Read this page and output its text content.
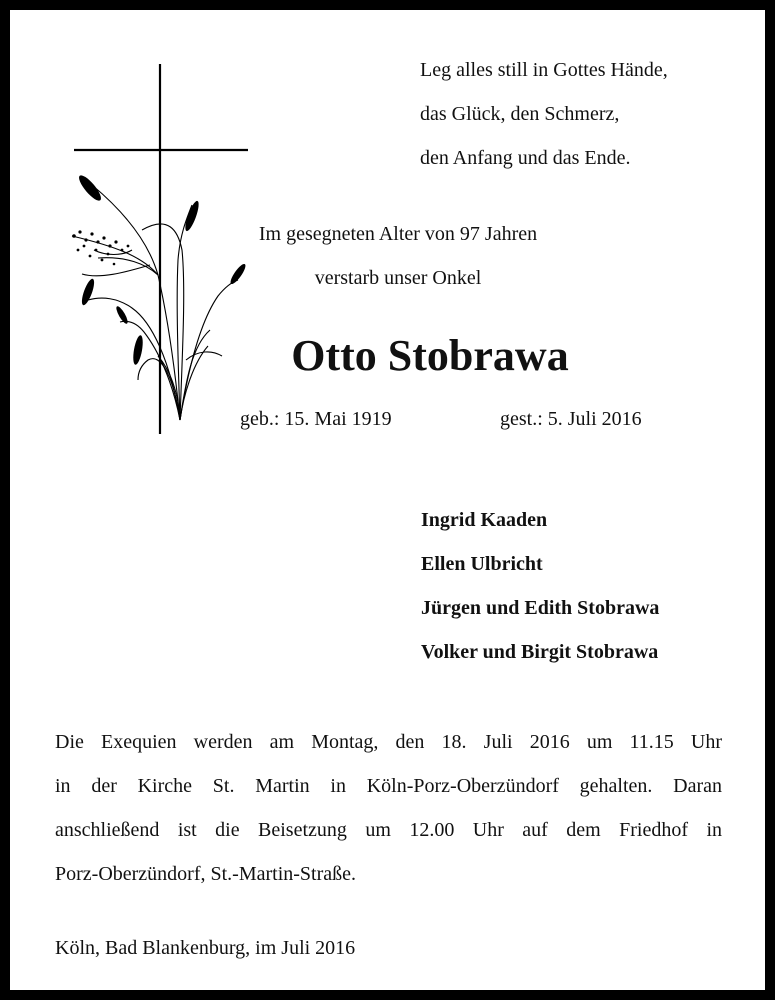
Leg alles still in Gottes Hände,
das Glück, den Schmerz,
den Anfang und das Ende.
Im gesegneten Alter von 97 Jahren
verstarb unser Onkel
Otto Stobrawa
geb.: 15. Mai 1919	gest.: 5. Juli 2016
Ingrid Kaaden
Ellen Ulbricht
Jürgen und Edith Stobrawa
Volker und Birgit Stobrawa
Die Exequien werden am Montag, den 18. Juli 2016 um 11.15 Uhr
in der Kirche St. Martin in Köln-Porz-Oberzündorf gehalten. Daran
anschließend ist die Beisetzung um 12.00 Uhr auf dem Friedhof in
Porz-Oberzündorf, St.-Martin-Straße.
Köln, Bad Blankenburg, im Juli 2016
